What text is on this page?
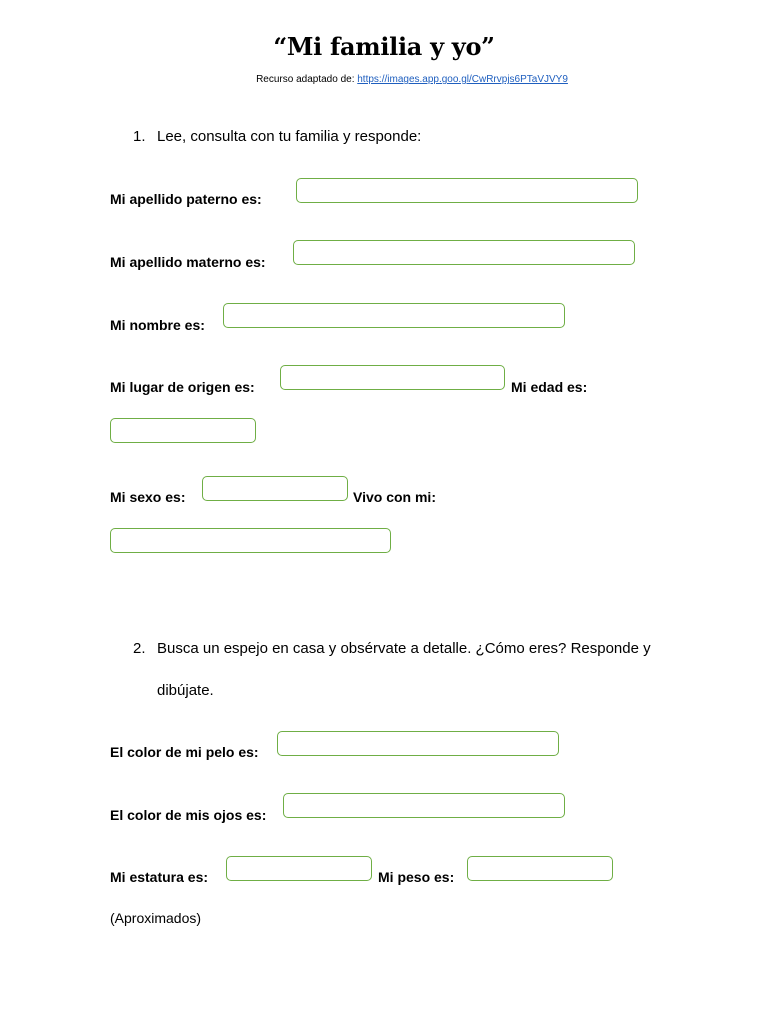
“Mi familia y yo”
Recurso adaptado de: https://images.app.goo.gl/CwRrvpjs6PTaVJVY9
1. Lee, consulta con tu familia y responde:
Mi apellido paterno es:
Mi apellido materno es:
Mi nombre es:
Mi lugar de origen es:	Mi edad es:
Mi sexo es:	Vivo con mi:
2. Busca un espejo en casa y obsérvate a detalle. ¿Cómo eres? Responde y
dibújate.
El color de mi pelo es:
El color de mis ojos es:
Mi estatura es:	Mi peso es:
(Aproximados)
